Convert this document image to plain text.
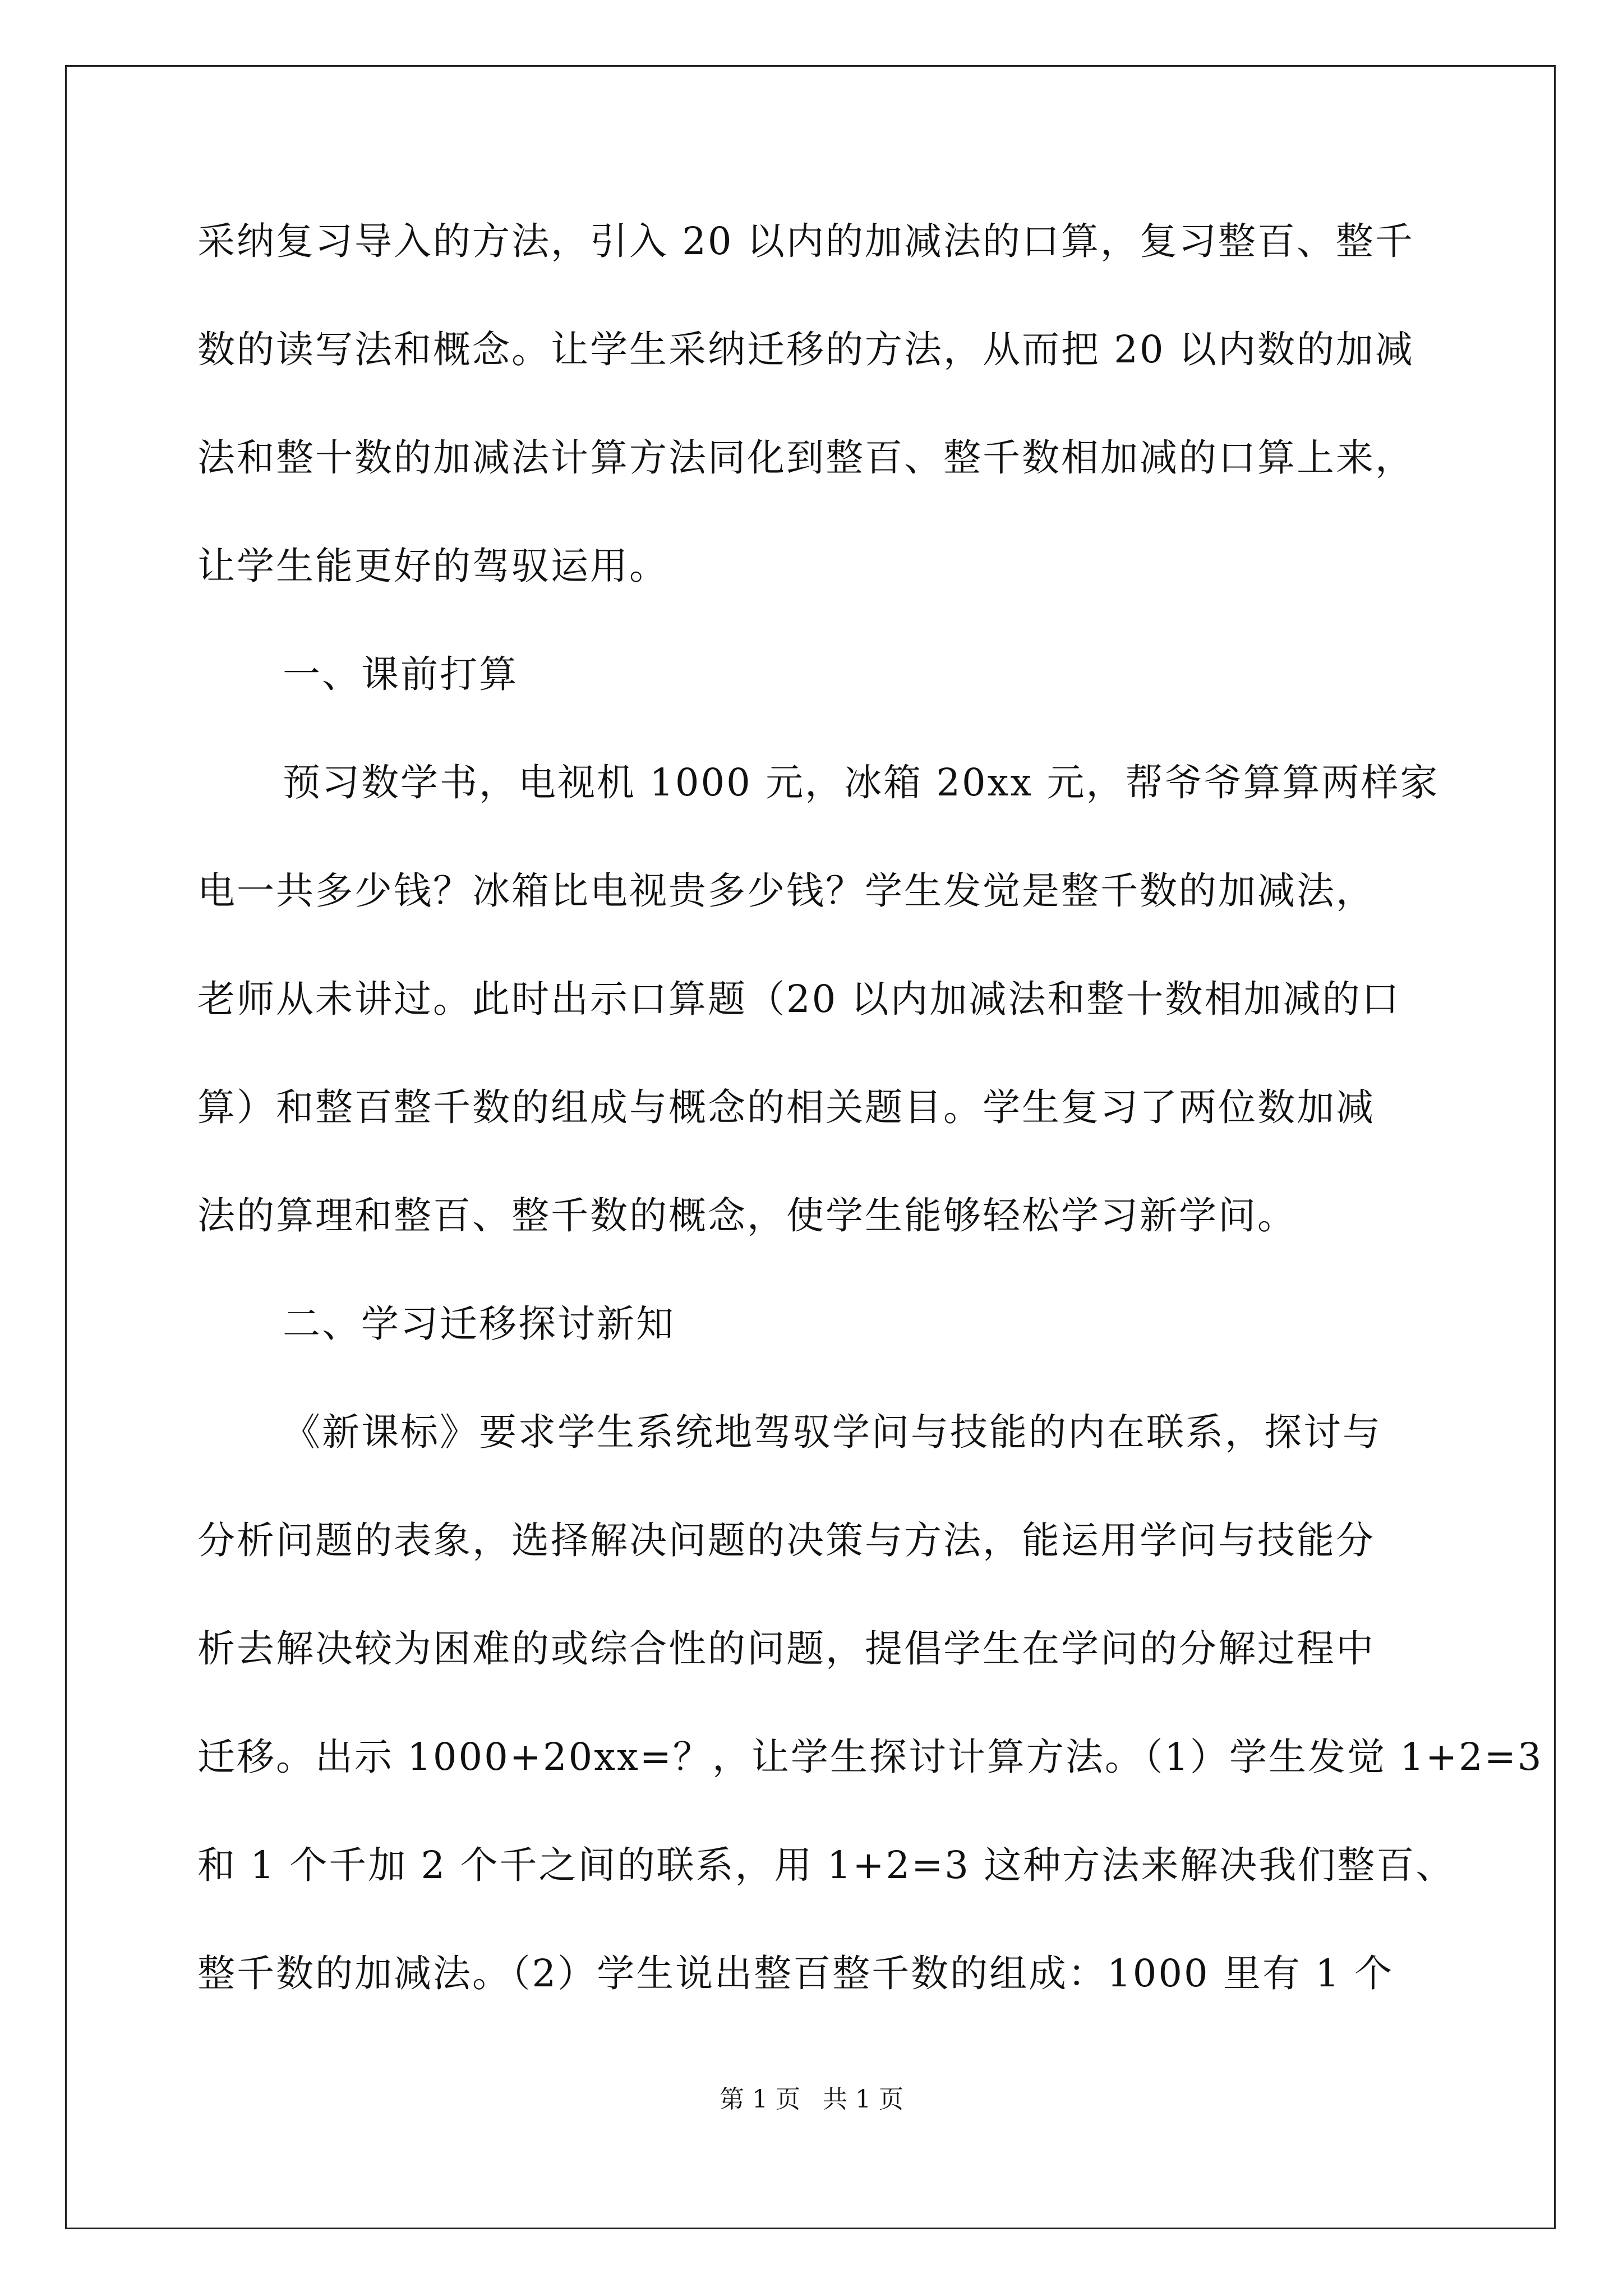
采纳复习导入的方法，引入 20 以内的加减法的口算，复习整百、整千
数的读写法和概念。让学生采纳迁移的方法，从而把 20 以内数的加减
法和整十数的加减法计算方法同化到整百、整千数相加减的口算上来，
让学生能更好的驾驭运用。
一、课前打算
预习数学书，电视机 1000 元，冰箱 20xx 元，帮爷爷算算两样家
电一共多少钱？冰箱比电视贵多少钱？学生发觉是整千数的加减法，
老师从未讲过。此时出示口算题（20 以内加减法和整十数相加减的口
算）和整百整千数的组成与概念的相关题目。学生复习了两位数加减
法的算理和整百、整千数的概念，使学生能够轻松学习新学问。
二、学习迁移探讨新知
《新课标》要求学生系统地驾驭学问与技能的内在联系，探讨与
分析问题的表象，选择解决问题的决策与方法，能运用学问与技能分
析去解决较为困难的或综合性的问题，提倡学生在学问的分解过程中
迁移。出示 1000+20xx=？，让学生探讨计算方法。（1）学生发觉 1+2=3
和 1 个千加 2 个千之间的联系，用 1+2=3 这种方法来解决我们整百、
整千数的加减法。（2）学生说出整百整千数的组成：1000 里有 1 个
第 1 页 共 1 页
